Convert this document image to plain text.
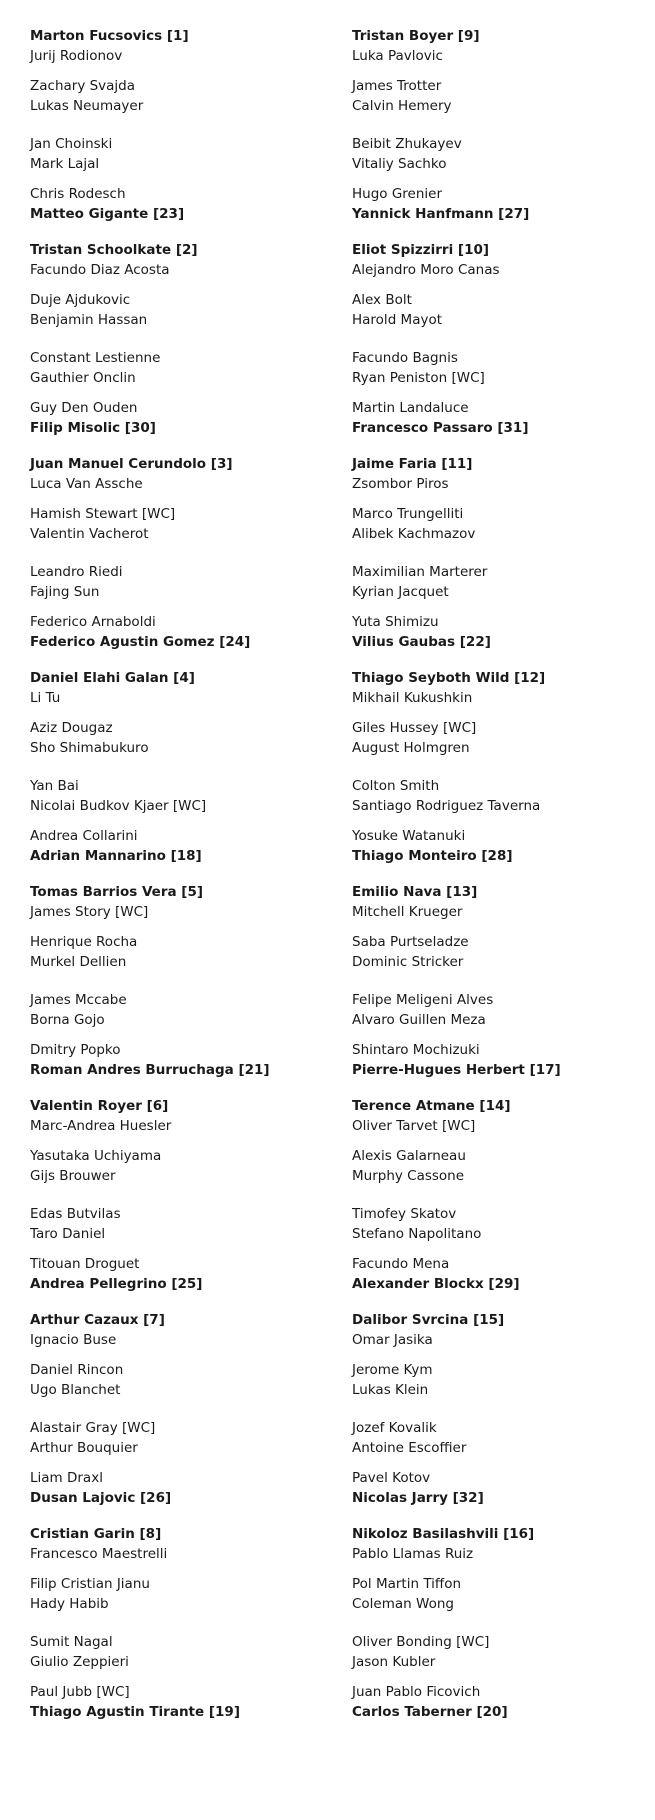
Marton Fucsovics [1]
Jurij Rodionov
Zachary Svajda
Lukas Neumayer
Jan Choinski
Mark Lajal
Chris Rodesch
Matteo Gigante [23]
Tristan Schoolkate [2]
Facundo Diaz Acosta
Duje Ajdukovic
Benjamin Hassan
Constant Lestienne
Gauthier Onclin
Guy Den Ouden
Filip Misolic [30]
Juan Manuel Cerundolo [3]
Luca Van Assche
Hamish Stewart [WC]
Valentin Vacherot
Leandro Riedi
Fajing Sun
Federico Arnaboldi
Federico Agustin Gomez [24]
Daniel Elahi Galan [4]
Li Tu
Aziz Dougaz
Sho Shimabukuro
Yan Bai
Nicolai Budkov Kjaer [WC]
Andrea Collarini
Adrian Mannarino [18]
Tomas Barrios Vera [5]
James Story [WC]
Henrique Rocha
Murkel Dellien
James Mccabe
Borna Gojo
Dmitry Popko
Roman Andres Burruchaga [21]
Valentin Royer [6]
Marc-Andrea Huesler
Yasutaka Uchiyama
Gijs Brouwer
Edas Butvilas
Taro Daniel
Titouan Droguet
Andrea Pellegrino [25]
Arthur Cazaux [7]
Ignacio Buse
Daniel Rincon
Ugo Blanchet
Alastair Gray [WC]
Arthur Bouquier
Liam Draxl
Dusan Lajovic [26]
Cristian Garin [8]
Francesco Maestrelli
Filip Cristian Jianu
Hady Habib
Sumit Nagal
Giulio Zeppieri
Paul Jubb [WC]
Thiago Agustin Tirante [19]
Tristan Boyer [9]
Luka Pavlovic
James Trotter
Calvin Hemery
Beibit Zhukayev
Vitaliy Sachko
Hugo Grenier
Yannick Hanfmann [27]
Eliot Spizzirri [10]
Alejandro Moro Canas
Alex Bolt
Harold Mayot
Facundo Bagnis
Ryan Peniston [WC]
Martin Landaluce
Francesco Passaro [31]
Jaime Faria [11]
Zsombor Piros
Marco Trungelliti
Alibek Kachmazov
Maximilian Marterer
Kyrian Jacquet
Yuta Shimizu
Vilius Gaubas [22]
Thiago Seyboth Wild [12]
Mikhail Kukushkin
Giles Hussey [WC]
August Holmgren
Colton Smith
Santiago Rodriguez Taverna
Yosuke Watanuki
Thiago Monteiro [28]
Emilio Nava [13]
Mitchell Krueger
Saba Purtseladze
Dominic Stricker
Felipe Meligeni Alves
Alvaro Guillen Meza
Shintaro Mochizuki
Pierre-Hugues Herbert [17]
Terence Atmane [14]
Oliver Tarvet [WC]
Alexis Galarneau
Murphy Cassone
Timofey Skatov
Stefano Napolitano
Facundo Mena
Alexander Blockx [29]
Dalibor Svrcina [15]
Omar Jasika
Jerome Kym
Lukas Klein
Jozef Kovalik
Antoine Escoffier
Pavel Kotov
Nicolas Jarry [32]
Nikoloz Basilashvili [16]
Pablo Llamas Ruiz
Pol Martin Tiffon
Coleman Wong
Oliver Bonding [WC]
Jason Kubler
Juan Pablo Ficovich
Carlos Taberner [20]
